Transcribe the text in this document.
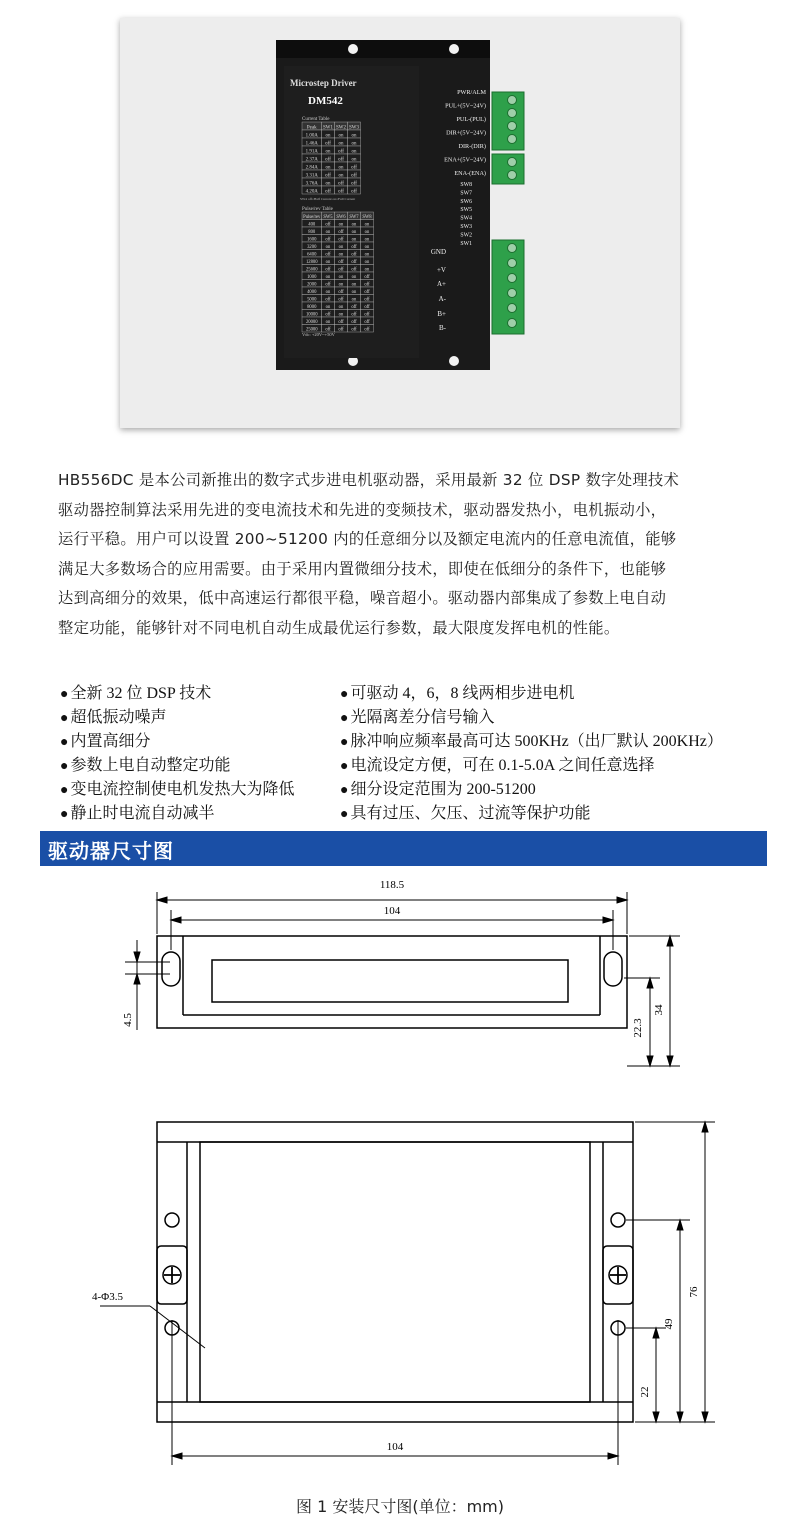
Microstep Driver
DM542
Current Table
Peak SW1 SW2 SW3
1.00A on on on
1.46A off on on
1.91A on off on
2.37A off off on
2.84A on on off
3.31A off on off
3.76A on off off
4.20A off off off
SW4 off=Half Current on=Full Current
Pulse/rev Table
Pulse/rev SW5 SW6 SW7 SW8
400 off on on on
800 on off on on
1600 off off on on
3200 on on off on
6400 off on off on
12800 on off off on
25600 off off off on
1000 on on on off
2000 off on on off
4000 on off on off
5000 off off on off
8000 on on off off
10000 off on off off
20000 on off off off
25000 off off off off
Vdc: +20V~+50V
PWR/ALM
PUL+(5V~24V)
PUL-(PUL)
DIR+(5V~24V)
DIR-(DIR)
ENA+(5V~24V)
ENA-(ENA)
SW8
SW7
SW6
SW5
SW4
SW3
SW2
SW1
GND
+V
A+
A-
B+
B-
HB556DC 是本公司新推出的数字式步进电机驱动器，采用最新 32 位 DSP 数字处理技术
驱动器控制算法采用先进的变电流技术和先进的变频技术，驱动器发热小，电机振动小，
运行平稳。用户可以设置 200~51200 内的任意细分以及额定电流内的任意电流值，能够
满足大多数场合的应用需要。由于采用内置微细分技术，即使在低细分的条件下，也能够
达到高细分的效果，低中高速运行都很平稳，噪音超小。驱动器内部集成了参数上电自动
整定功能，能够针对不同电机自动生成最优运行参数，最大限度发挥电机的性能。
● 全新 32 位 DSP 技术
● 超低振动噪声
● 内置高细分
● 参数上电自动整定功能
● 变电流控制使电机发热大为降低
● 静止时电流自动减半
● 可驱动 4，6，8 线两相步进电机
● 光隔离差分信号输入
● 脉冲响应频率最高可达 500KHz（出厂默认 200KHz）
● 电流设定方便，可在 0.1-5.0A 之间任意选择
● 细分设定范围为 200-51200
● 具有过压、欠压、过流等保护功能
驱动器尺寸图
118.5
104
4.5
34
22.3
4-Φ3.5
104
76
49
22
图 1 安装尺寸图(单位：mm)
